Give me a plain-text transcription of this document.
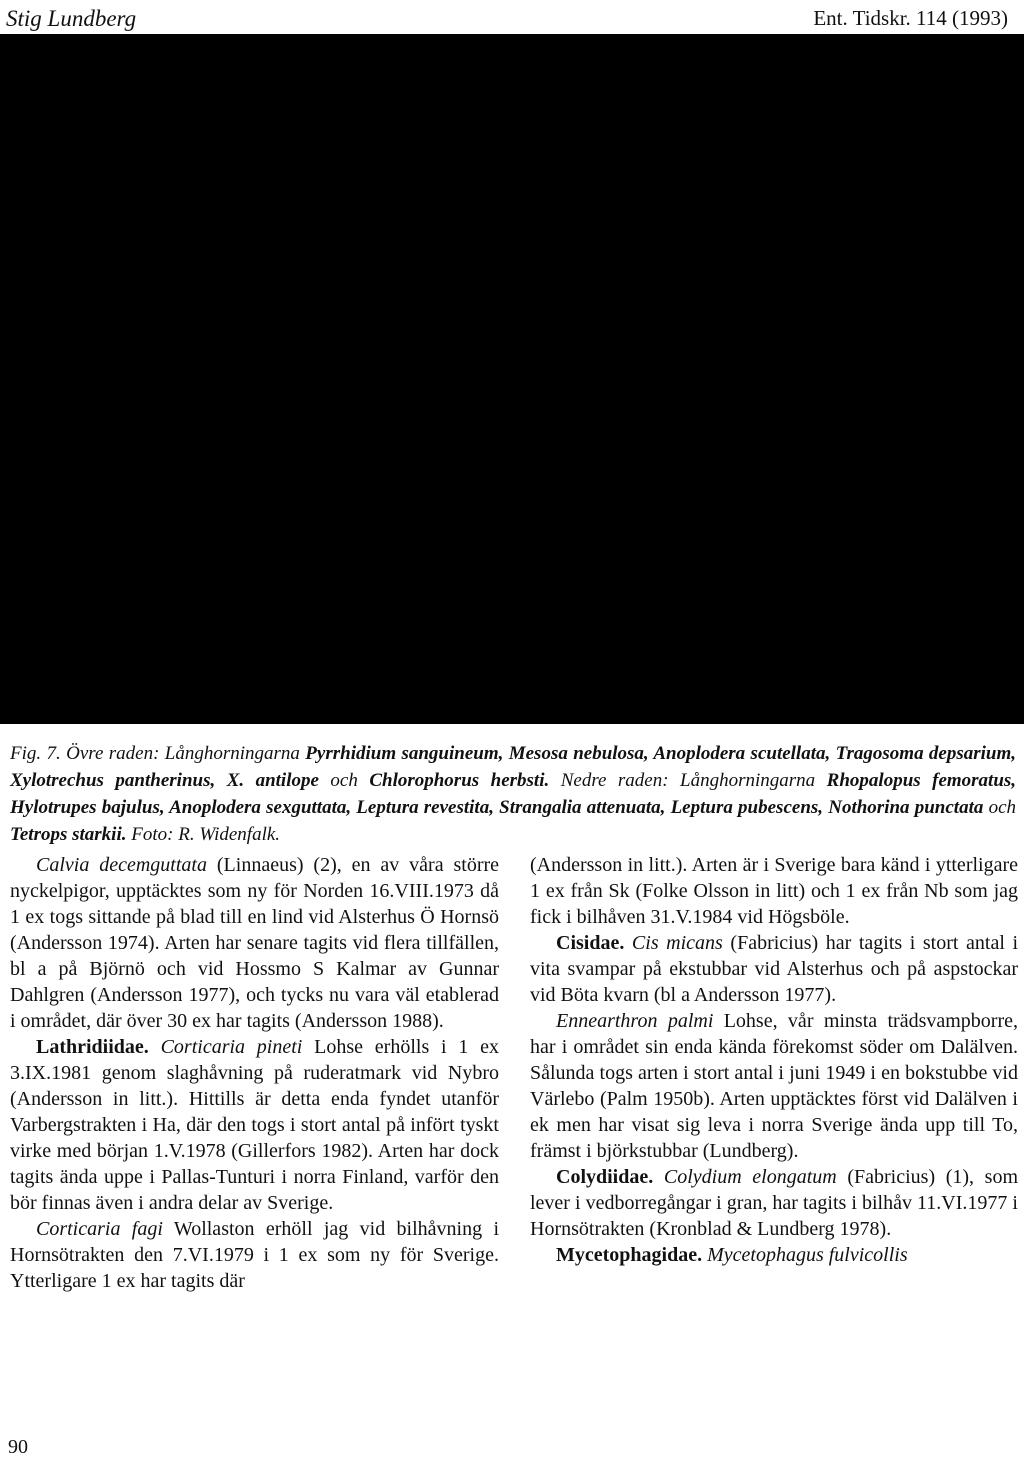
Stig Lundberg	Ent. Tidskr. 114 (1993)
Fig. 7. Övre raden: Långhorningarna Pyrrhidium sanguineum, Mesosa nebulosa, Anoplodera scutellata, Tragosoma depsarium, Xylotrechus pantherinus, X. antilope och Chlorophorus herbsti. Nedre raden: Långhorningarna Rhopalopus femoratus, Hylotrupes bajulus, Anoplodera sexguttata, Leptura revestita, Strangalia attenuata, Leptura pubescens, Nothorina punctata och Tetrops starkii. Foto: R. Widenfalk.

Calvia decemguttata (Linnaeus) (2), en av våra större nyckelpigor, upptäcktes som ny för Norden 16.VIII.1973 då 1 ex togs sittande på blad till en lind vid Alsterhus Ö Hornsö (Andersson 1974). Arten har senare tagits vid flera tillfällen, bl a på Björnö och vid Hossmo S Kalmar av Gunnar Dahlgren (Andersson 1977), och tycks nu vara väl etablerad i området, där över 30 ex har tagits (Andersson 1988).

Lathridiidae. Corticaria pineti Lohse erhölls i 1 ex 3.IX.1981 genom slaghåvning på ruderatmark vid Nybro (Andersson in litt.). Hittills är detta enda fyndet utanför Varbergstrakten i Ha, där den togs i stort antal på infört tyskt virke med början 1.V.1978 (Gillerfors 1982). Arten har dock tagits ända uppe i Pallas-Tunturi i norra Finland, varför den bör finnas även i andra delar av Sverige.

Corticaria fagi Wollaston erhöll jag vid bilhåvning i Hornsötrakten den 7.VI.1979 i 1 ex som ny för Sverige. Ytterligare 1 ex har tagits där

(Andersson in litt.). Arten är i Sverige bara känd i ytterligare 1 ex från Sk (Folke Olsson in litt) och 1 ex från Nb som jag fick i bilhåven 31.V.1984 vid Högsböle.

Cisidae. Cis micans (Fabricius) har tagits i stort antal i vita svampar på ekstubbar vid Alsterhus och på aspstockar vid Böta kvarn (bl a Andersson 1977).

Ennearthron palmi Lohse, vår minsta trädsvampborre, har i området sin enda kända förekomst söder om Dalälven. Sålunda togs arten i stort antal i juni 1949 i en bokstubbe vid Värlebo (Palm 1950b). Arten upptäcktes först vid Dalälven i ek men har visat sig leva i norra Sverige ända upp till To, främst i björkstubbar (Lundberg).

Colydiidae. Colydium elongatum (Fabricius) (1), som lever i vedborregångar i gran, har tagits i bilhåv 11.VI.1977 i Hornsötrakten (Kronblad & Lundberg 1978).

Mycetophagidae. Mycetophagus fulvicollis

90
